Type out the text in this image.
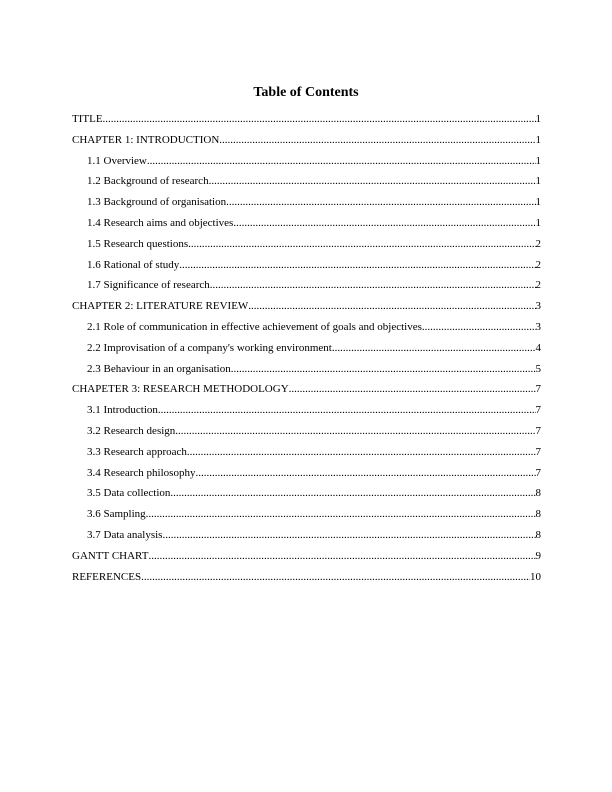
Table of Contents
TITLE .....	1
CHAPTER 1: INTRODUCTION .....	1
1.1 Overview .....	1
1.2 Background of research .....	1
1.3 Background of organisation .....	1
1.4 Research aims and objectives .....	1
1.5 Research questions .....	2
1.6 Rational of study .....	2
1.7 Significance of research .....	2
CHAPTER 2: LITERATURE REVIEW .....	3
2.1 Role of communication in effective achievement of goals and objectives .....	3
2.2 Improvisation of a company's working environment .....	4
2.3 Behaviour in an organisation .....	5
CHAPETER 3: RESEARCH METHODOLOGY .....	7
3.1 Introduction .....	7
3.2 Research design .....	7
3.3 Research approach .....	7
3.4 Research philosophy .....	7
3.5 Data collection .....	8
3.6 Sampling .....	8
3.7 Data analysis .....	8
GANTT CHART .....	9
REFERENCES .....	10
